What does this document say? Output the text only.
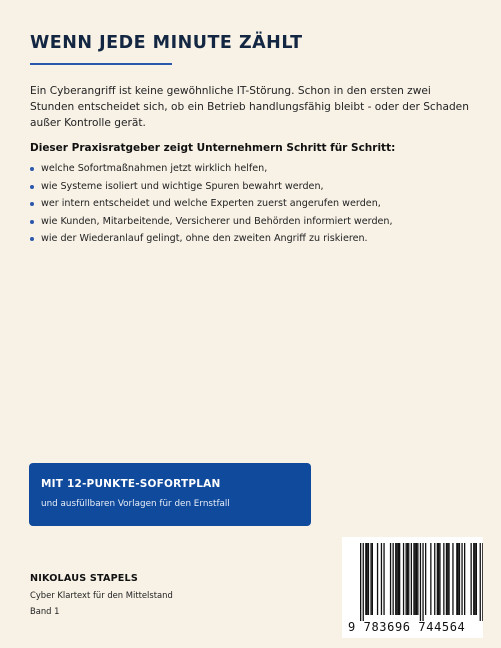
WENN JEDE MINUTE ZÄHLT

Ein Cyberangriff ist keine gewöhnliche IT-Störung. Schon in den ersten zwei Stunden entscheidet sich, ob ein Betrieb handlungsfähig bleibt - oder der Schaden außer Kontrolle gerät.

Dieser Praxisratgeber zeigt Unternehmern Schritt für Schritt:

welche Sofortmaßnahmen jetzt wirklich helfen,
wie Systeme isoliert und wichtige Spuren bewahrt werden,
wer intern entscheidet und welche Experten zuerst angerufen werden,
wie Kunden, Mitarbeitende, Versicherer und Behörden informiert werden,
wie der Wiederanlauf gelingt, ohne den zweiten Angriff zu riskieren.
MIT 12-PUNKTE-SOFORTPLAN
und ausfüllbaren Vorlagen für den Ernstfall
NIKOLAUS STAPELS
Cyber Klartext für den Mittelstand
Band 1
9 783696 744564
